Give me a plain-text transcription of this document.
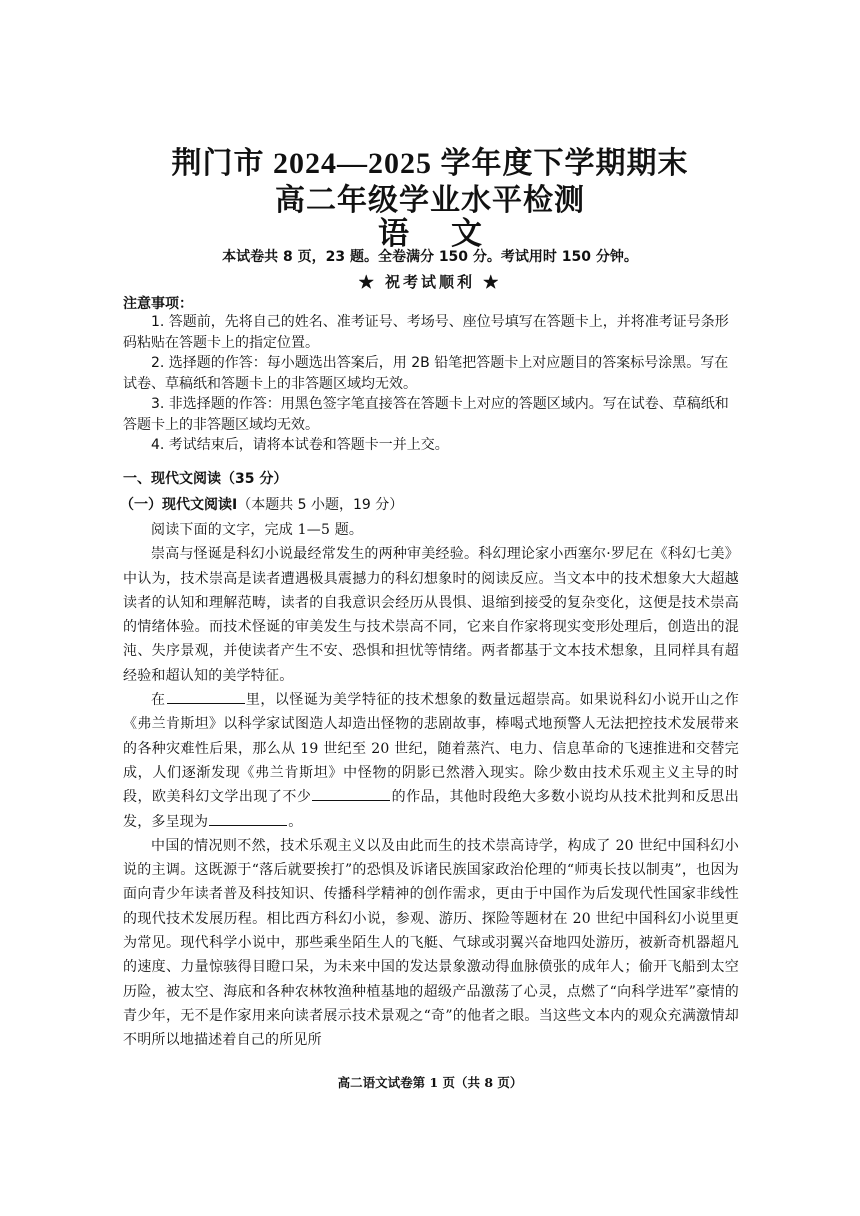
荆门市 2024—2025 学年度下学期期末
高二年级学业水平检测
语文
本试卷共 8 页，23 题。全卷满分 150 分。考试用时 150 分钟。
★ 祝考试顺利 ★
注意事项：

1. 答题前，先将自己的姓名、准考证号、考场号、座位号填写在答题卡上，并将准考证号条形码粘贴在答题卡上的指定位置。

2. 选择题的作答：每小题选出答案后，用 2B 铅笔把答题卡上对应题目的答案标号涂黑。写在试卷、草稿纸和答题卡上的非答题区域均无效。

3. 非选择题的作答：用黑色签字笔直接答在答题卡上对应的答题区域内。写在试卷、草稿纸和答题卡上的非答题区域均无效。

4. 考试结束后，请将本试卷和答题卡一并上交。

一、现代文阅读（35 分）
（一）现代文阅读Ⅰ（本题共 5 小题，19 分）

阅读下面的文字，完成 1—5 题。

崇高与怪诞是科幻小说最经常发生的两种审美经验。科幻理论家小西塞尔·罗尼在《科幻七美》中认为，技术崇高是读者遭遇极具震撼力的科幻想象时的阅读反应。当文本中的技术想象大大超越读者的认知和理解范畴，读者的自我意识会经历从畏惧、退缩到接受的复杂变化，这便是技术崇高的情绪体验。而技术怪诞的审美发生与技术崇高不同，它来自作家将现实变形处理后，创造出的混沌、失序景观，并使读者产生不安、恐惧和担忧等情绪。两者都基于文本技术想象，且同样具有超经验和超认知的美学特征。

在	里，以怪诞为美学特征的技术想象的数量远超崇高。如果说科幻小说开山之作《弗兰肯斯坦》以科学家试图造人却造出怪物的悲剧故事，棒喝式地预警人无法把控技术发展带来的各种灾难性后果，那么从 19 世纪至 20 世纪，随着蒸汽、电力、信息革命的飞速推进和交替完成，人们逐渐发现《弗兰肯斯坦》中怪物的阴影已然潜入现实。除少数由技术乐观主义主导的时段，欧美科幻文学出现了不少	的作品，其他时段绝大多数小说均从技术批判和反思出发，多呈现为	。

中国的情况则不然，技术乐观主义以及由此而生的技术崇高诗学，构成了 20 世纪中国科幻小说的主调。这既源于“落后就要挨打”的恐惧及诉诸民族国家政治伦理的“师夷长技以制夷”，也因为面向青少年读者普及科技知识、传播科学精神的创作需求，更由于中国作为后发现代性国家非线性的现代技术发展历程。相比西方科幻小说，参观、游历、探险等题材在 20 世纪中国科幻小说里更为常见。现代科学小说中，那些乘坐陌生人的飞艇、气球或羽翼兴奋地四处游历，被新奇机器超凡的速度、力量惊骇得目瞪口呆，为未来中国的发达景象激动得血脉偾张的成年人；偷开飞船到太空历险，被太空、海底和各种农林牧渔种植基地的超级产品激荡了心灵，点燃了“向科学进军”豪情的青少年，无不是作家用来向读者展示技术景观之“奇”的他者之眼。当这些文本内的观众充满激情却不明所以地描述着自己的所见所

高二语文试卷第 1 页（共 8 页）
